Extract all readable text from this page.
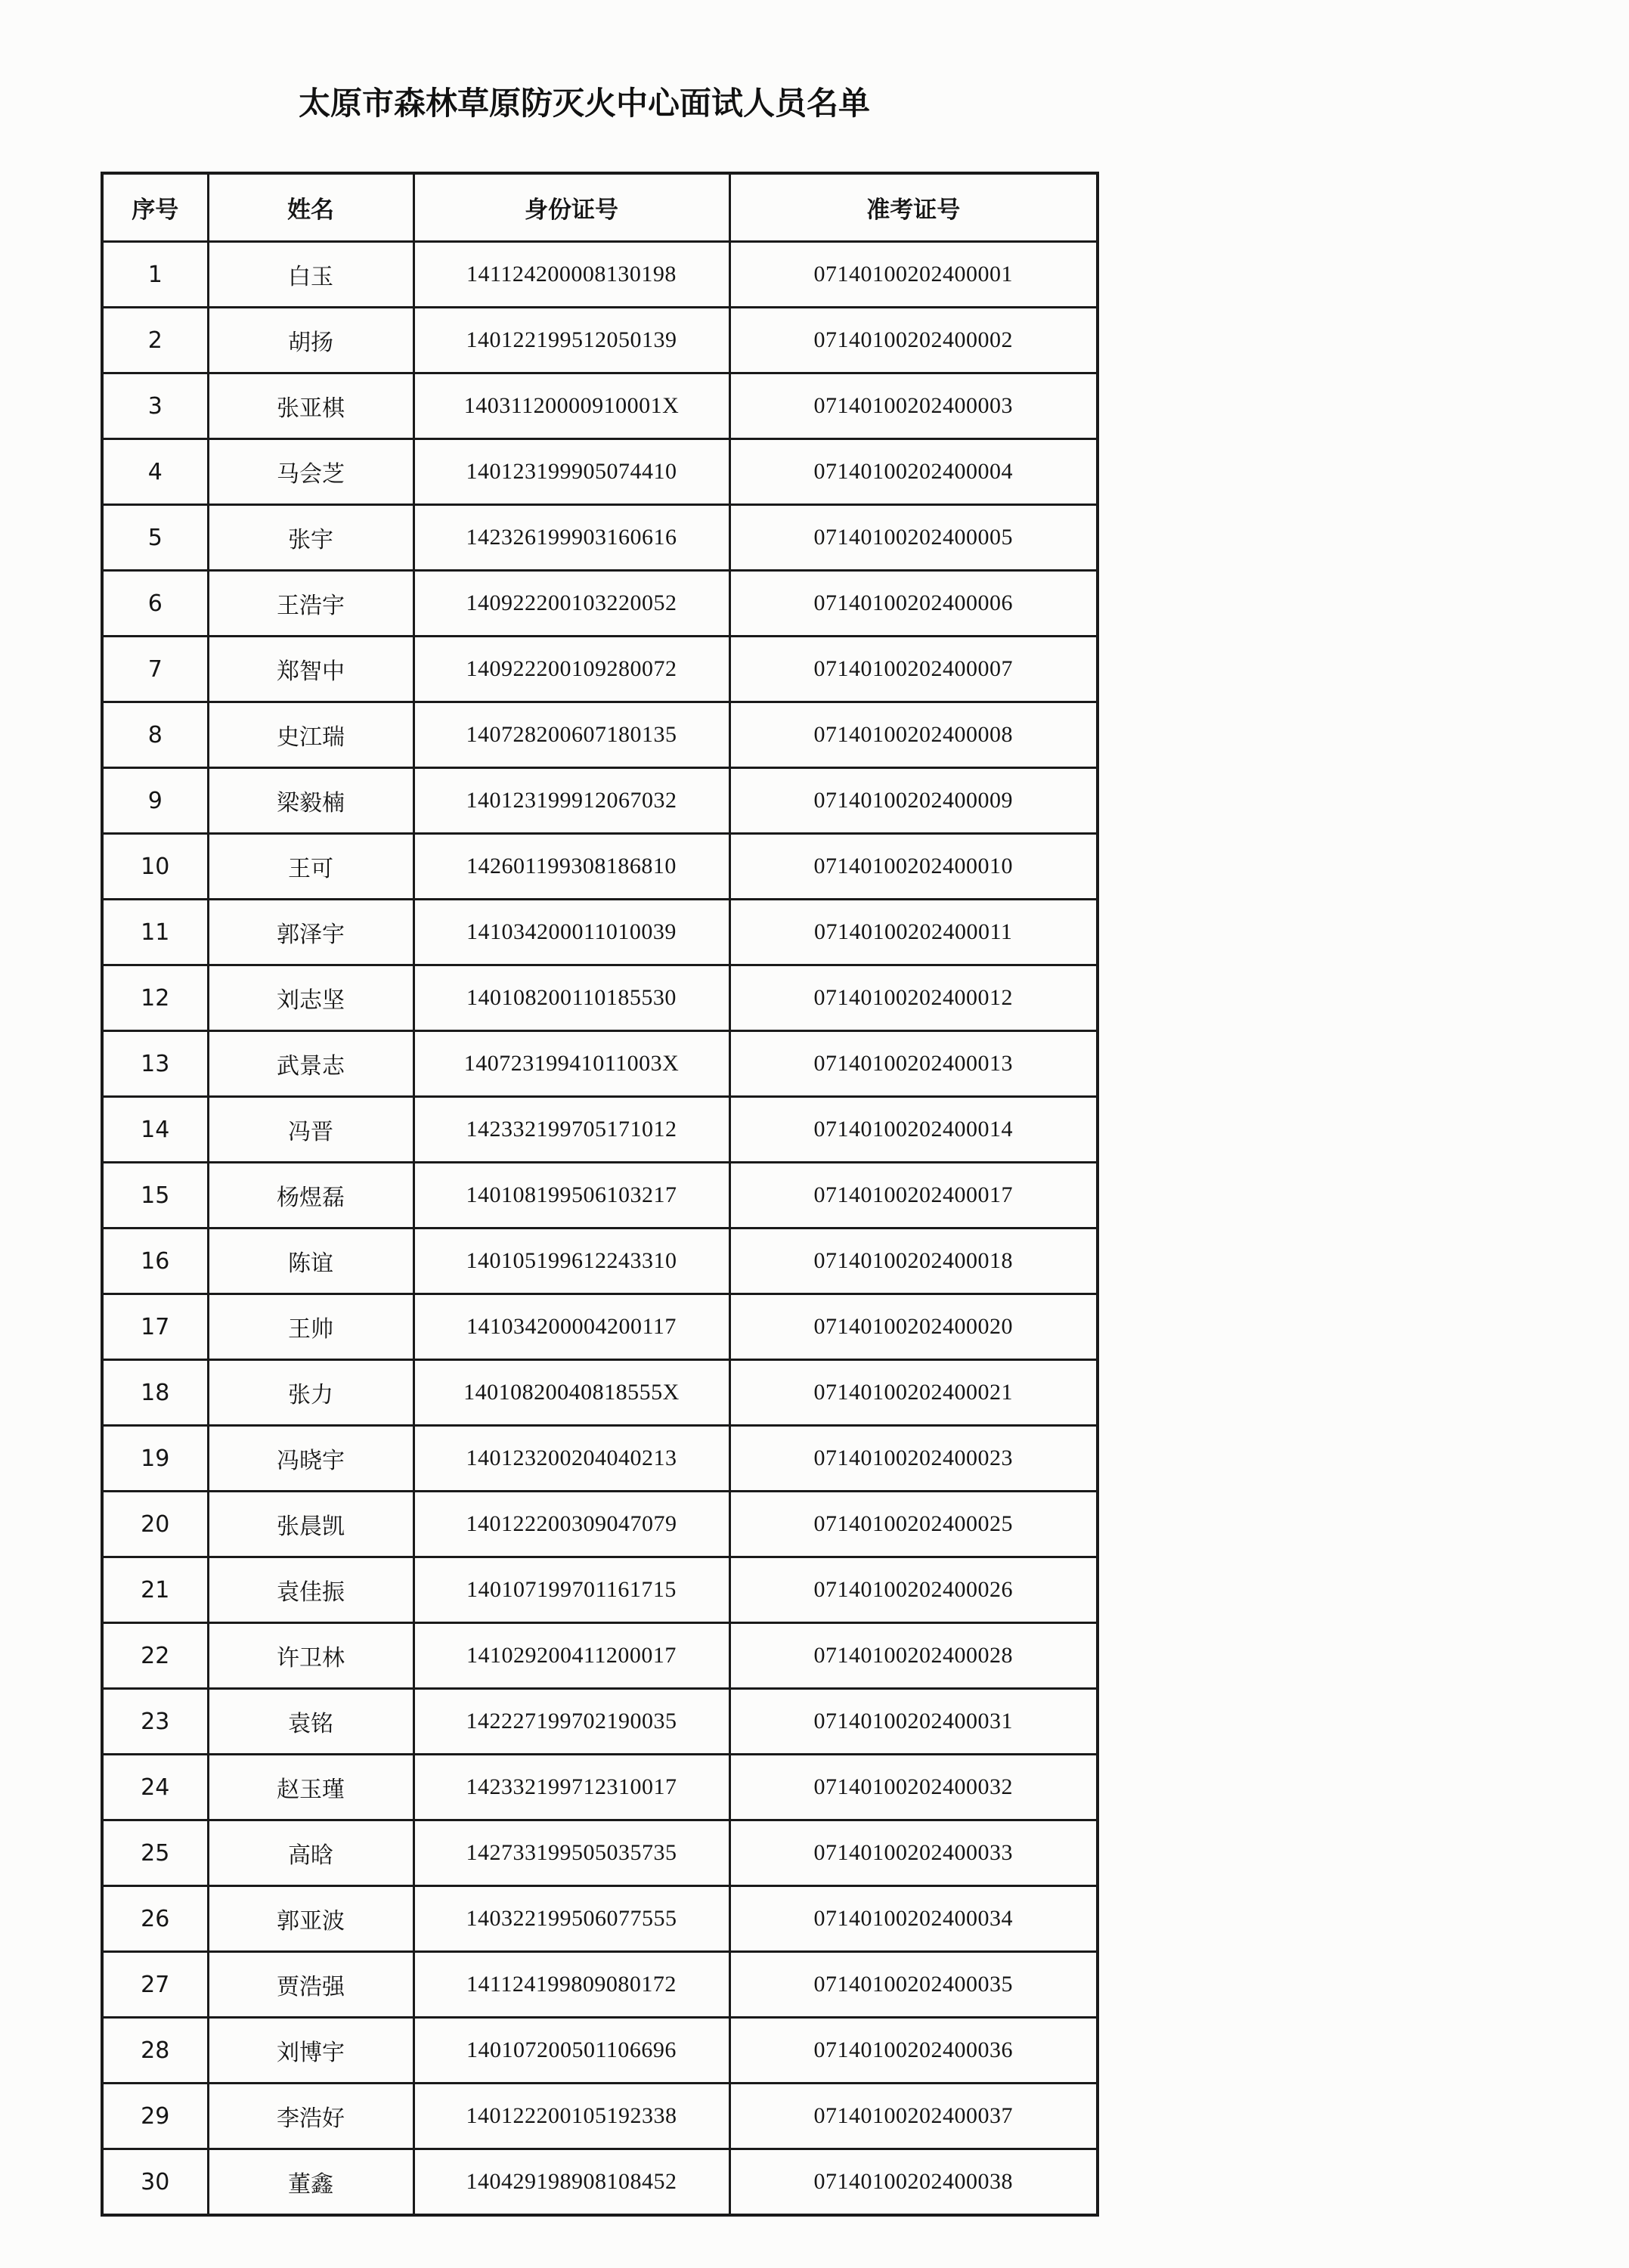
太原市森林草原防灭火中心面试人员名单
序号	姓名	身份证号	准考证号
1	白玉	141124200008130198	07140100202400001
2	胡扬	140122199512050139	07140100202400002
3	张亚棋	14031120000910001X	07140100202400003
4	马会芝	140123199905074410	07140100202400004
5	张宇	142326199903160616	07140100202400005
6	王浩宇	140922200103220052	07140100202400006
7	郑智中	140922200109280072	07140100202400007
8	史江瑞	140728200607180135	07140100202400008
9	梁毅楠	140123199912067032	07140100202400009
10	王可	142601199308186810	07140100202400010
11	郭泽宇	141034200011010039	07140100202400011
12	刘志坚	140108200110185530	07140100202400012
13	武景志	14072319941011003X	07140100202400013
14	冯晋	142332199705171012	07140100202400014
15	杨煜磊	140108199506103217	07140100202400017
16	陈谊	140105199612243310	07140100202400018
17	王帅	141034200004200117	07140100202400020
18	张力	14010820040818555X	07140100202400021
19	冯晓宇	140123200204040213	07140100202400023
20	张晨凯	140122200309047079	07140100202400025
21	袁佳振	140107199701161715	07140100202400026
22	许卫林	141029200411200017	07140100202400028
23	袁铭	142227199702190035	07140100202400031
24	赵玉瑾	142332199712310017	07140100202400032
25	高晗	142733199505035735	07140100202400033
26	郭亚波	140322199506077555	07140100202400034
27	贾浩强	141124199809080172	07140100202400035
28	刘博宇	140107200501106696	07140100202400036
29	李浩好	140122200105192338	07140100202400037
30	董鑫	140429198908108452	07140100202400038
